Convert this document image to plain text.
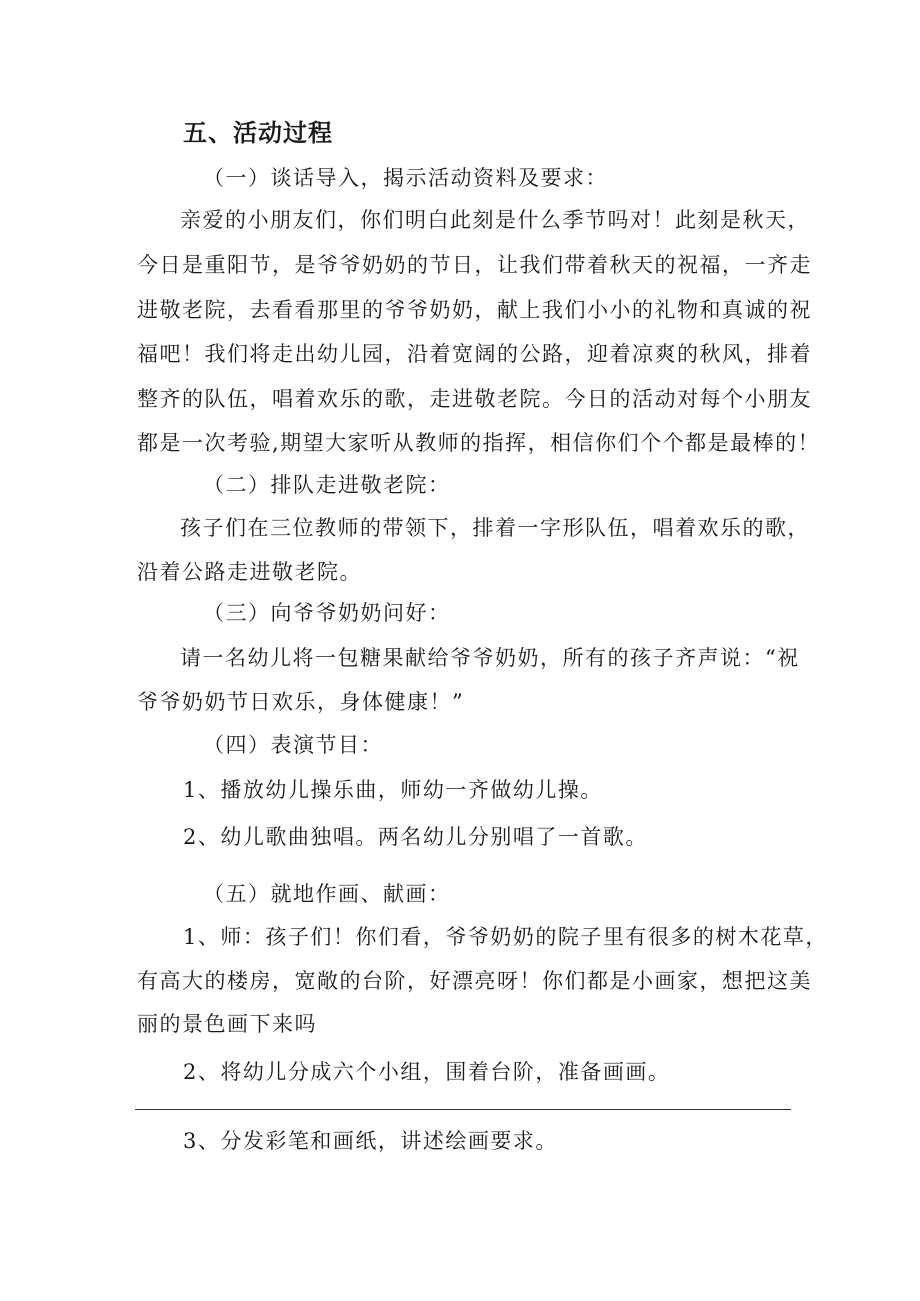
五、活动过程
（一）谈话导入，揭示活动资料及要求：
亲爱的小朋友们，你们明白此刻是什么季节吗对！此刻是秋天，
今日是重阳节，是爷爷奶奶的节日，让我们带着秋天的祝福，一齐走
进敬老院，去看看那里的爷爷奶奶，献上我们小小的礼物和真诚的祝
福吧！我们将走出幼儿园，沿着宽阔的公路，迎着凉爽的秋风，排着
整齐的队伍，唱着欢乐的歌，走进敬老院。今日的活动对每个小朋友
都是一次考验,期望大家听从教师的指挥，相信你们个个都是最棒的！
（二）排队走进敬老院：
孩子们在三位教师的带领下，排着一字形队伍，唱着欢乐的歌，
沿着公路走进敬老院。
（三）向爷爷奶奶问好：
请一名幼儿将一包糖果献给爷爷奶奶，所有的孩子齐声说：“祝
爷爷奶奶节日欢乐，身体健康！”
（四）表演节目：
1、播放幼儿操乐曲，师幼一齐做幼儿操。
2、幼儿歌曲独唱。两名幼儿分别唱了一首歌。
（五）就地作画、献画：
1、师：孩子们！你们看，爷爷奶奶的院子里有很多的树木花草，
有高大的楼房，宽敞的台阶，好漂亮呀！你们都是小画家，想把这美
丽的景色画下来吗
2、将幼儿分成六个小组，围着台阶，准备画画。
3、分发彩笔和画纸，讲述绘画要求。
